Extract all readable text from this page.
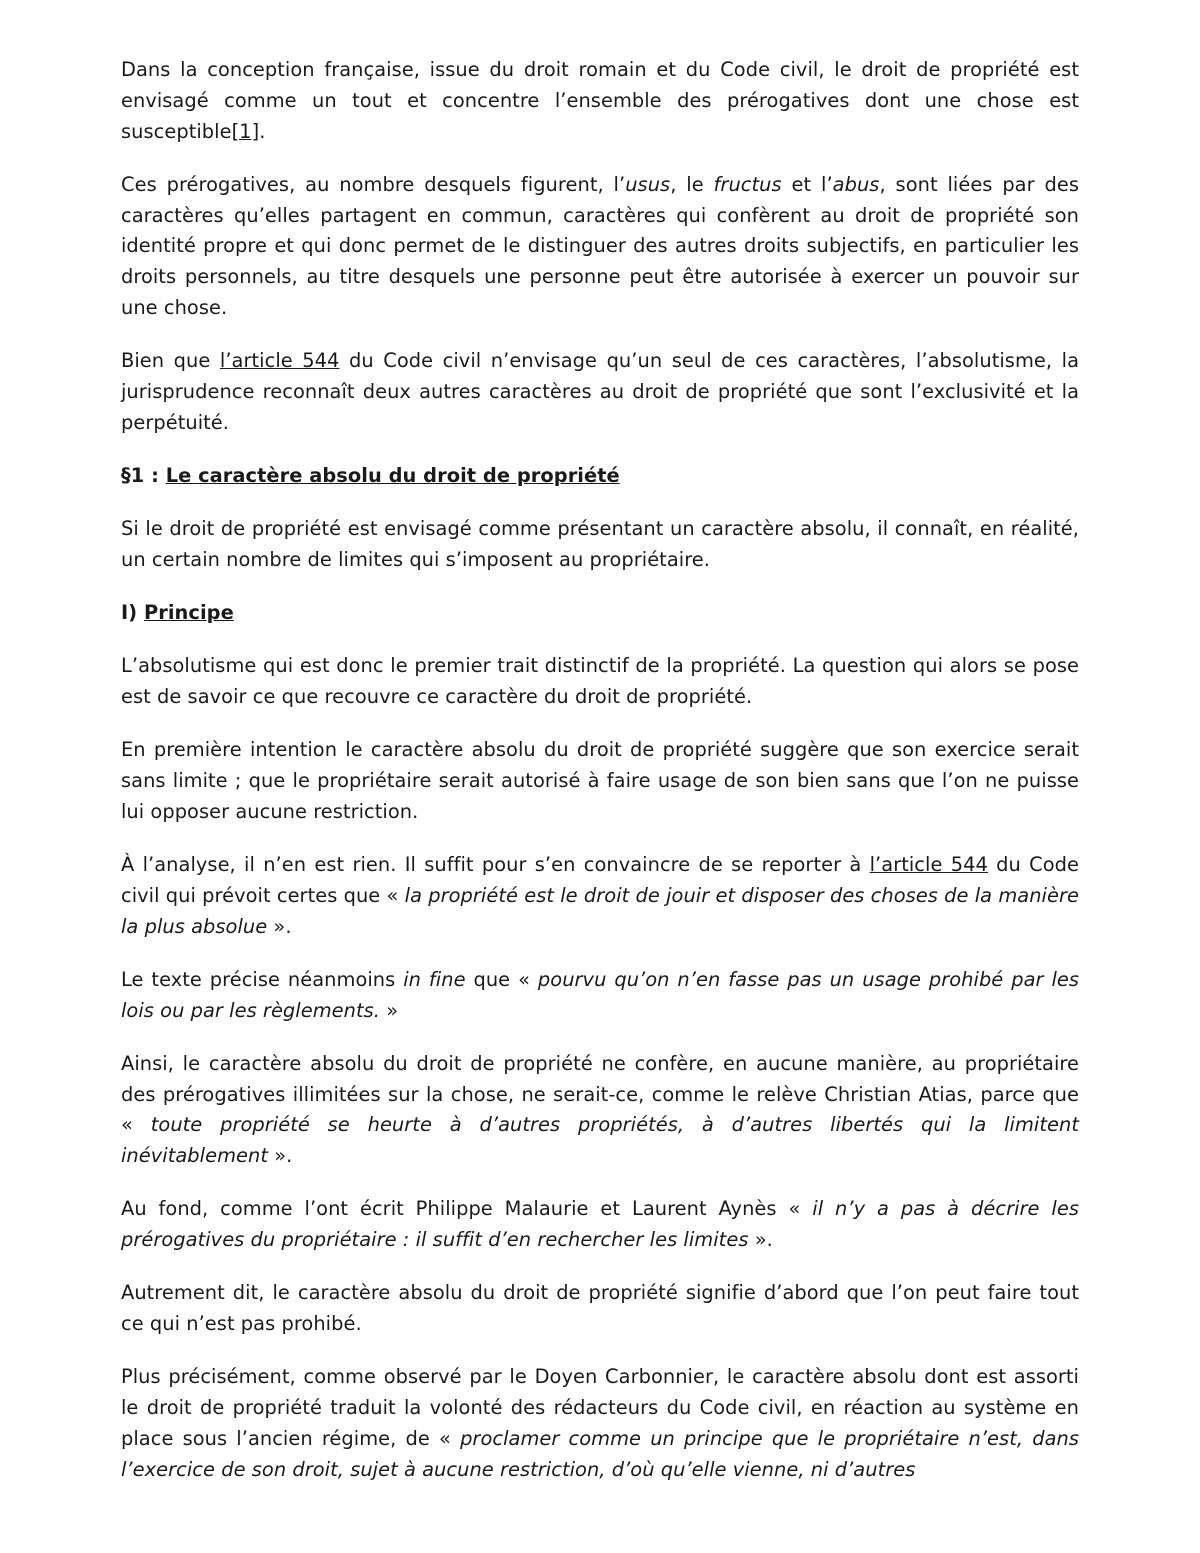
Dans la conception française, issue du droit romain et du Code civil, le droit de propriété est envisagé comme un tout et concentre l’ensemble des prérogatives dont une chose est susceptible[1].

Ces prérogatives, au nombre desquels figurent, l’usus, le fructus et l’abus, sont liées par des caractères qu’elles partagent en commun, caractères qui confèrent au droit de propriété son identité propre et qui donc permet de le distinguer des autres droits subjectifs, en particulier les droits personnels, au titre desquels une personne peut être autorisée à exercer un pouvoir sur une chose.

Bien que l’article 544 du Code civil n’envisage qu’un seul de ces caractères, l’absolutisme, la jurisprudence reconnaît deux autres caractères au droit de propriété que sont l’exclusivité et la perpétuité.

§1 : Le caractère absolu du droit de propriété

Si le droit de propriété est envisagé comme présentant un caractère absolu, il connaît, en réalité, un certain nombre de limites qui s’imposent au propriétaire.

I) Principe

L’absolutisme qui est donc le premier trait distinctif de la propriété. La question qui alors se pose est de savoir ce que recouvre ce caractère du droit de propriété.

En première intention le caractère absolu du droit de propriété suggère que son exercice serait sans limite ; que le propriétaire serait autorisé à faire usage de son bien sans que l’on ne puisse lui opposer aucune restriction.

À l’analyse, il n’en est rien. Il suffit pour s’en convaincre de se reporter à l’article 544 du Code civil qui prévoit certes que « la propriété est le droit de jouir et disposer des choses de la manière la plus absolue ».

Le texte précise néanmoins in fine que « pourvu qu’on n’en fasse pas un usage prohibé par les lois ou par les règlements. »

Ainsi, le caractère absolu du droit de propriété ne confère, en aucune manière, au propriétaire des prérogatives illimitées sur la chose, ne serait-ce, comme le relève Christian Atias, parce que « toute propriété se heurte à d’autres propriétés, à d’autres libertés qui la limitent inévitablement ».

Au fond, comme l’ont écrit Philippe Malaurie et Laurent Aynès « il n’y a pas à décrire les prérogatives du propriétaire : il suffit d’en rechercher les limites ».

Autrement dit, le caractère absolu du droit de propriété signifie d’abord que l’on peut faire tout ce qui n’est pas prohibé.

Plus précisément, comme observé par le Doyen Carbonnier, le caractère absolu dont est assorti le droit de propriété traduit la volonté des rédacteurs du Code civil, en réaction au système en place sous l’ancien régime, de « proclamer comme un principe que le propriétaire n’est, dans l’exercice de son droit, sujet à aucune restriction, d’où qu’elle vienne, ni d’autres
